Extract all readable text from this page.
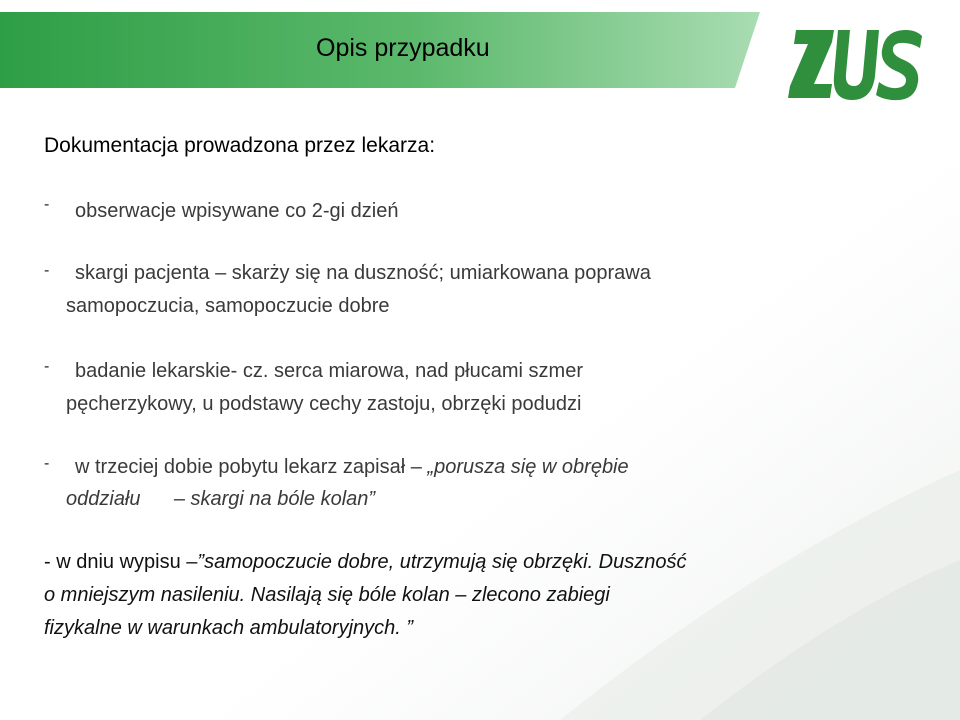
Opis przypadku
Dokumentacja prowadzona przez lekarza:
- obserwacje wpisywane co 2-gi dzień
- skargi pacjenta – skarży się na duszność; umiarkowana poprawa
samopoczucia, samopoczucie dobre
- badanie lekarskie- cz. serca miarowa, nad płucami szmer
pęcherzykowy, u podstawy cechy zastoju, obrzęki podudzi
- w trzeciej dobie pobytu lekarz zapisał – „porusza się w obrębie
oddziału      – skargi na bóle kolan”
- w dniu wypisu –”samopoczucie dobre, utrzymują się obrzęki. Duszność
o mniejszym nasileniu. Nasilają się bóle kolan – zlecono zabiegi
fizykalne w warunkach ambulatoryjnych. ”
